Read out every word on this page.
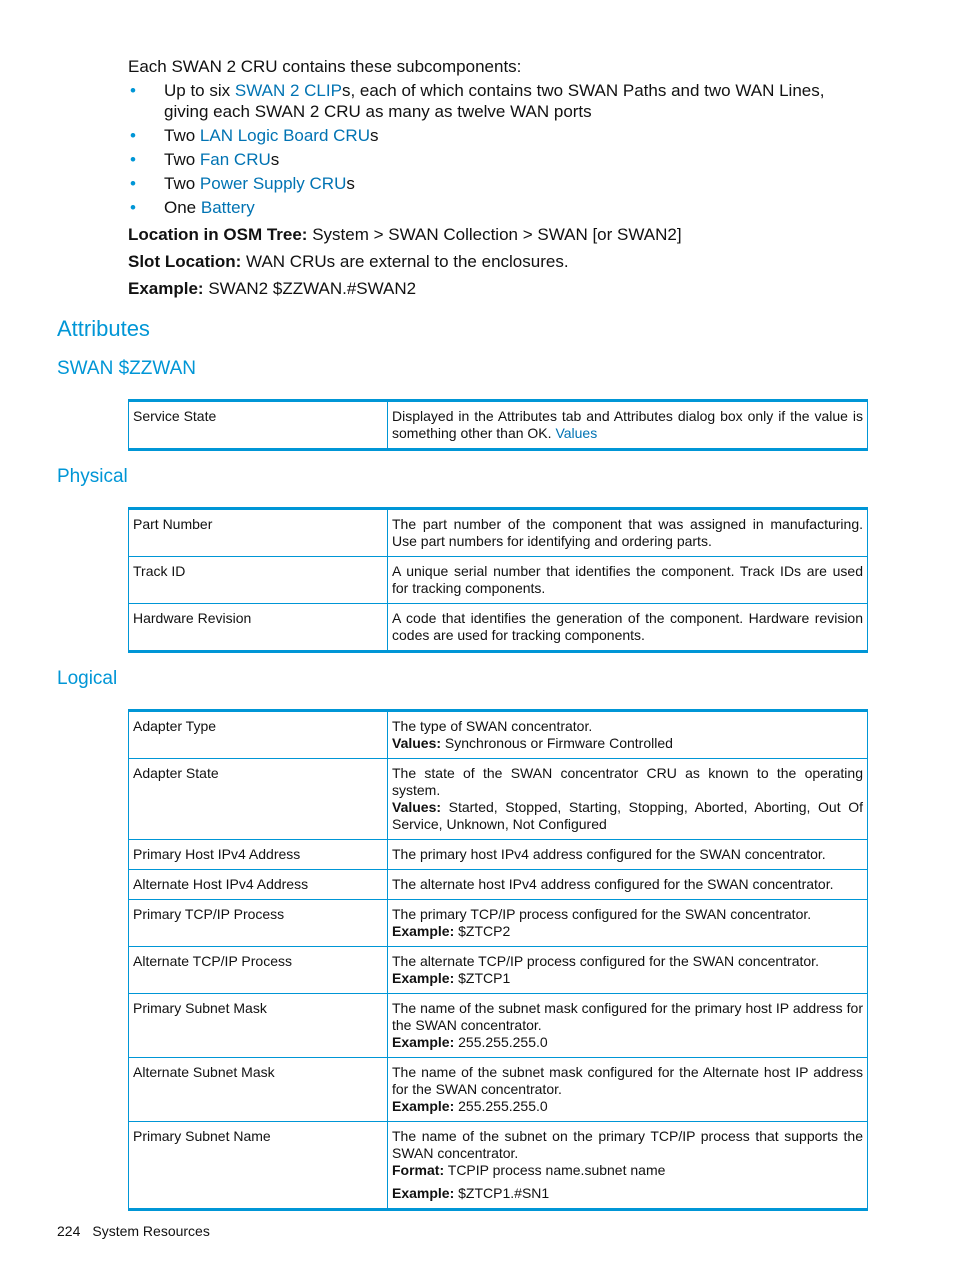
Each SWAN 2 CRU contains these subcomponents:

• Up to six SWAN 2 CLIPs, each of which contains two SWAN Paths and two WAN Lines, giving each SWAN 2 CRU as many as twelve WAN ports
• Two LAN Logic Board CRUs
• Two Fan CRUs
• Two Power Supply CRUs
• One Battery

Location in OSM Tree: System > SWAN Collection > SWAN [or SWAN2]

Slot Location: WAN CRUs are external to the enclosures.

Example: SWAN2 $ZZWAN.#SWAN2

Attributes
SWAN $ZZWAN
Service State	Displayed in the Attributes tab and Attributes dialog box only if the value is something other than OK. Values
Physical
Part Number	The part number of the component that was assigned in manufacturing. Use part numbers for identifying and ordering parts.
Track ID	A unique serial number that identifies the component. Track IDs are used for tracking components.
Hardware Revision	A code that identifies the generation of the component. Hardware revision codes are used for tracking components.
Logical
Adapter Type	The type of SWAN concentrator.
Values: Synchronous or Firmware Controlled

Adapter State	The state of the SWAN concentrator CRU as known to the operating system.
Values: Started, Stopped, Starting, Stopping, Aborted, Aborting, Out Of Service, Unknown, Not Configured

Primary Host IPv4 Address	The primary host IPv4 address configured for the SWAN concentrator.

Alternate Host IPv4 Address	The alternate host IPv4 address configured for the SWAN concentrator.

Primary TCP/IP Process	The primary TCP/IP process configured for the SWAN concentrator.
Example: $ZTCP2

Alternate TCP/IP Process	The alternate TCP/IP process configured for the SWAN concentrator.
Example: $ZTCP1

Primary Subnet Mask	The name of the subnet mask configured for the primary host IP address for the SWAN concentrator.
Example: 255.255.255.0

Alternate Subnet Mask	The name of the subnet mask configured for the Alternate host IP address for the SWAN concentrator.
Example: 255.255.255.0

Primary Subnet Name	The name of the subnet on the primary TCP/IP process that supports the SWAN concentrator.
Format: TCPIP process name.subnet name
Example: $ZTCP1.#SN1
224 System Resources
